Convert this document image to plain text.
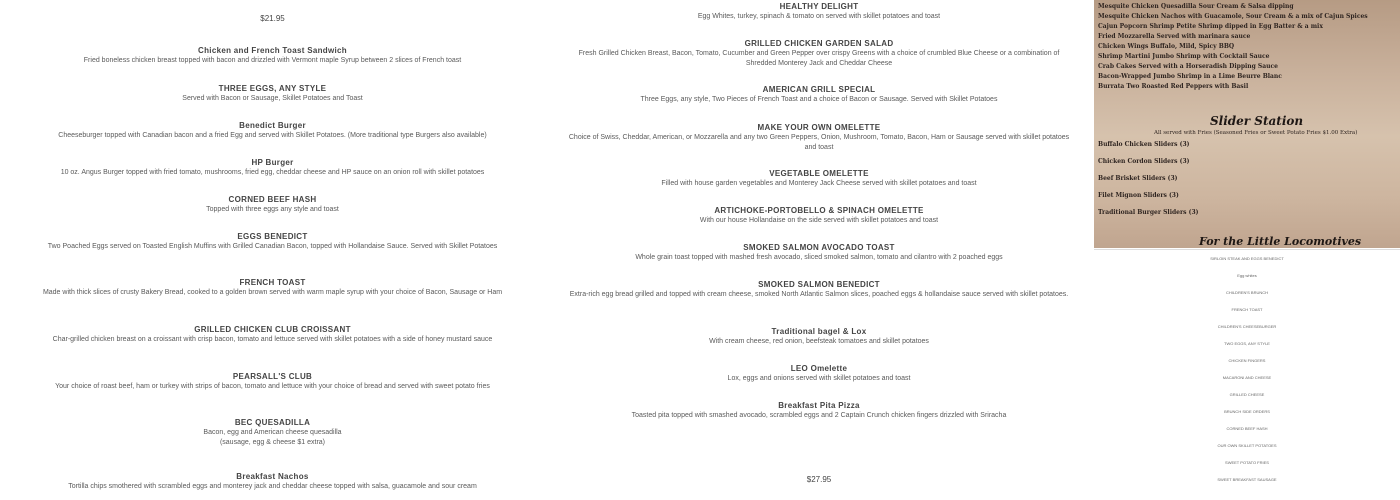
$21.95
Chicken and French Toast Sandwich
Fried boneless chicken breast topped with bacon and drizzled with Vermont maple Syrup between 2 slices of French toast
THREE EGGS, ANY STYLE
Served with Bacon or Sausage, Skillet Potatoes and Toast
Benedict Burger
Cheeseburger topped with Canadian bacon and a fried Egg and served with Skillet Potatoes. (More traditional type Burgers also available)
HP Burger
10 oz. Angus Burger topped with fried tomato, mushrooms, fried egg, cheddar cheese and HP sauce on an onion roll with skillet potatoes
CORNED BEEF HASH
Topped with three eggs any style and toast
EGGS BENEDICT
Two Poached Eggs served on Toasted English Muffins with Grilled Canadian Bacon, topped with Hollandaise Sauce. Served with Skillet Potatoes
FRENCH TOAST
Made with thick slices of crusty Bakery Bread, cooked to a golden brown served with warm maple syrup with your choice of Bacon, Sausage or Ham
GRILLED CHICKEN CLUB CROISSANT
Char-grilled chicken breast on a croissant with crisp bacon, tomato and lettuce served with skillet potatoes with a side of honey mustard sauce
PEARSALL'S CLUB
Your choice of roast beef, ham or turkey with strips of bacon, tomato and lettuce with your choice of bread and served with sweet potato fries
BEC QUESADILLA
Bacon, egg and American cheese quesadilla
(sausage, egg & cheese $1 extra)
Breakfast Nachos
Tortilla chips smothered with scrambled eggs and monterey jack and cheddar cheese topped with salsa, guacamole and sour cream
HEALTHY DELIGHT
Egg Whites, turkey, spinach & tomato on served with skillet potatoes and toast
GRILLED CHICKEN GARDEN SALAD
Fresh Grilled Chicken Breast, Bacon, Tomato, Cucumber and Green Pepper over crispy Greens with a choice of crumbled Blue Cheese or a combination of Shredded Monterey Jack and Cheddar Cheese
AMERICAN GRILL SPECIAL
Three Eggs, any style, Two Pieces of French Toast and a choice of Bacon or Sausage. Served with Skillet Potatoes
MAKE YOUR OWN OMELETTE
Choice of Swiss, Cheddar, American, or Mozzarella and any two Green Peppers, Onion, Mushroom, Tomato, Bacon, Ham or Sausage served with skillet potatoes and toast
VEGETABLE OMELETTE
Filled with house garden vegetables and Monterey Jack Cheese served with skillet potatoes and toast
ARTICHOKE-PORTOBELLO & SPINACH OMELETTE
With our house Hollandaise on the side served with skillet potatoes and toast
SMOKED SALMON AVOCADO TOAST
Whole grain toast topped with mashed fresh avocado, sliced smoked salmon, tomato and cilantro with 2 poached eggs
SMOKED SALMON BENEDICT
Extra-rich egg bread grilled and topped with cream cheese, smoked North Atlantic Salmon slices, poached eggs & hollandaise sauce served with skillet potatoes.
Traditional bagel & Lox
With cream cheese, red onion, beefsteak tomatoes and skillet potatoes
LEO Omelette
Lox, eggs and onions served with skillet potatoes and toast
Breakfast Pita Pizza
Toasted pita topped with smashed avocado, scrambled eggs and 2 Captain Crunch chicken fingers drizzled with Sriracha
$27.95
Mesquite Chicken Quesadilla Sour Cream & Salsa dipping
Mesquite Chicken Nachos with Guacamole, Sour Cream & a mix of Cajun Spices
Cajun Popcorn Shrimp Petite Shrimp dipped in Egg Batter & a mix
Fried Mozzarella Served with marinara sauce
Chicken Wings Buffalo, Mild, Spicy BBQ
Shrimp Martini Jumbo Shrimp with Cocktail Sauce
Crab Cakes Served with a Horseradish Dipping Sauce
Bacon-Wrapped Jumbo Shrimp in a Lime Beurre Blanc
Burrata Two Roasted Red Peppers with Basil
Slider Station
All served with Fries (Seasoned Fries or Sweet Potato Fries $1.00 Extra)
Buffalo Chicken Sliders (3)
Chicken Cordon Sliders (3)
Beef Brisket Sliders (3)
Filet Mignon Sliders (3)
Traditional Burger Sliders (3)
For the Little Locomotives
SIRLOIN STEAK AND EGGS BENEDICT
Egg whites
CHILDREN'S BRUNCH
FRENCH TOAST
CHILDREN'S CHEESEBURGER
TWO EGGS, ANY STYLE
CHICKEN FINGERS
MACARONI AND CHEESE
GRILLED CHEESE
BRUNCH SIDE ORDERS
CORNED BEEF HASH
OUR OWN SKILLET POTATOES
SWEET POTATO FRIES
SWEET BREAKFAST SAUSAGE
